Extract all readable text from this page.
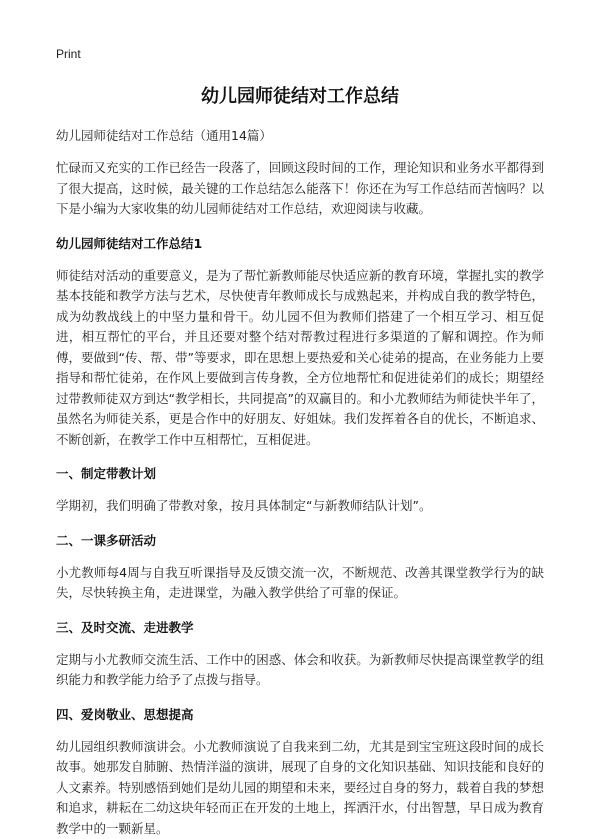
Print
幼儿园师徒结对工作总结
幼儿园师徒结对工作总结（通用14篇）

忙碌而又充实的工作已经告一段落了，回顾这段时间的工作，理论知识和业务水平都得到了很大提高，这时候，最关键的工作总结怎么能落下！你还在为写工作总结而苦恼吗？以下是小编为大家收集的幼儿园师徒结对工作总结，欢迎阅读与收藏。

幼儿园师徒结对工作总结1

师徒结对活动的重要意义，是为了帮忙新教师能尽快适应新的教育环境，掌握扎实的教学基本技能和教学方法与艺术，尽快使青年教师成长与成熟起来，并构成自我的教学特色，成为幼教战线上的中坚力量和骨干。幼儿园不但为教师们搭建了一个相互学习、相互促进，相互帮忙的平台，并且还要对整个结对帮教过程进行多渠道的了解和调控。作为师傅，要做到“传、帮、带”等要求，即在思想上要热爱和关心徒弟的提高，在业务能力上要指导和帮忙徒弟，在作风上要做到言传身教，全方位地帮忙和促进徒弟们的成长；期望经过带教师徒双方到达“教学相长，共同提高”的双赢目的。和小尤教师结为师徒快半年了，虽然名为师徒关系，更是合作中的好朋友、好姐妹。我们发挥着各自的优长，不断追求、不断创新，在教学工作中互相帮忙，互相促进。

一、制定带教计划

学期初，我们明确了带教对象，按月具体制定“与新教师结队计划”。

二、一课多研活动

小尤教师每4周与自我互听课指导及反馈交流一次，不断规范、改善其课堂教学行为的缺失，尽快转换主角，走进课堂，为融入教学供给了可靠的保证。

三、及时交流、走进教学

定期与小尤教师交流生活、工作中的困惑、体会和收获。为新教师尽快提高课堂教学的组织能力和教学能力给予了点拨与指导。

四、爱岗敬业、思想提高

幼儿园组织教师演讲会。小尤教师演说了自我来到二幼，尤其是到宝宝班这段时间的成长故事。她那发自肺腑、热情洋溢的演讲，展现了自身的文化知识基础、知识技能和良好的人文素养。特别感悟到她们是幼儿园的期望和未来，要经过自身的努力，载着自我的梦想和追求，耕耘在二幼这块年轻而正在开发的土地上，挥洒汗水，付出智慧，早日成为教育教学中的一颗新星。
